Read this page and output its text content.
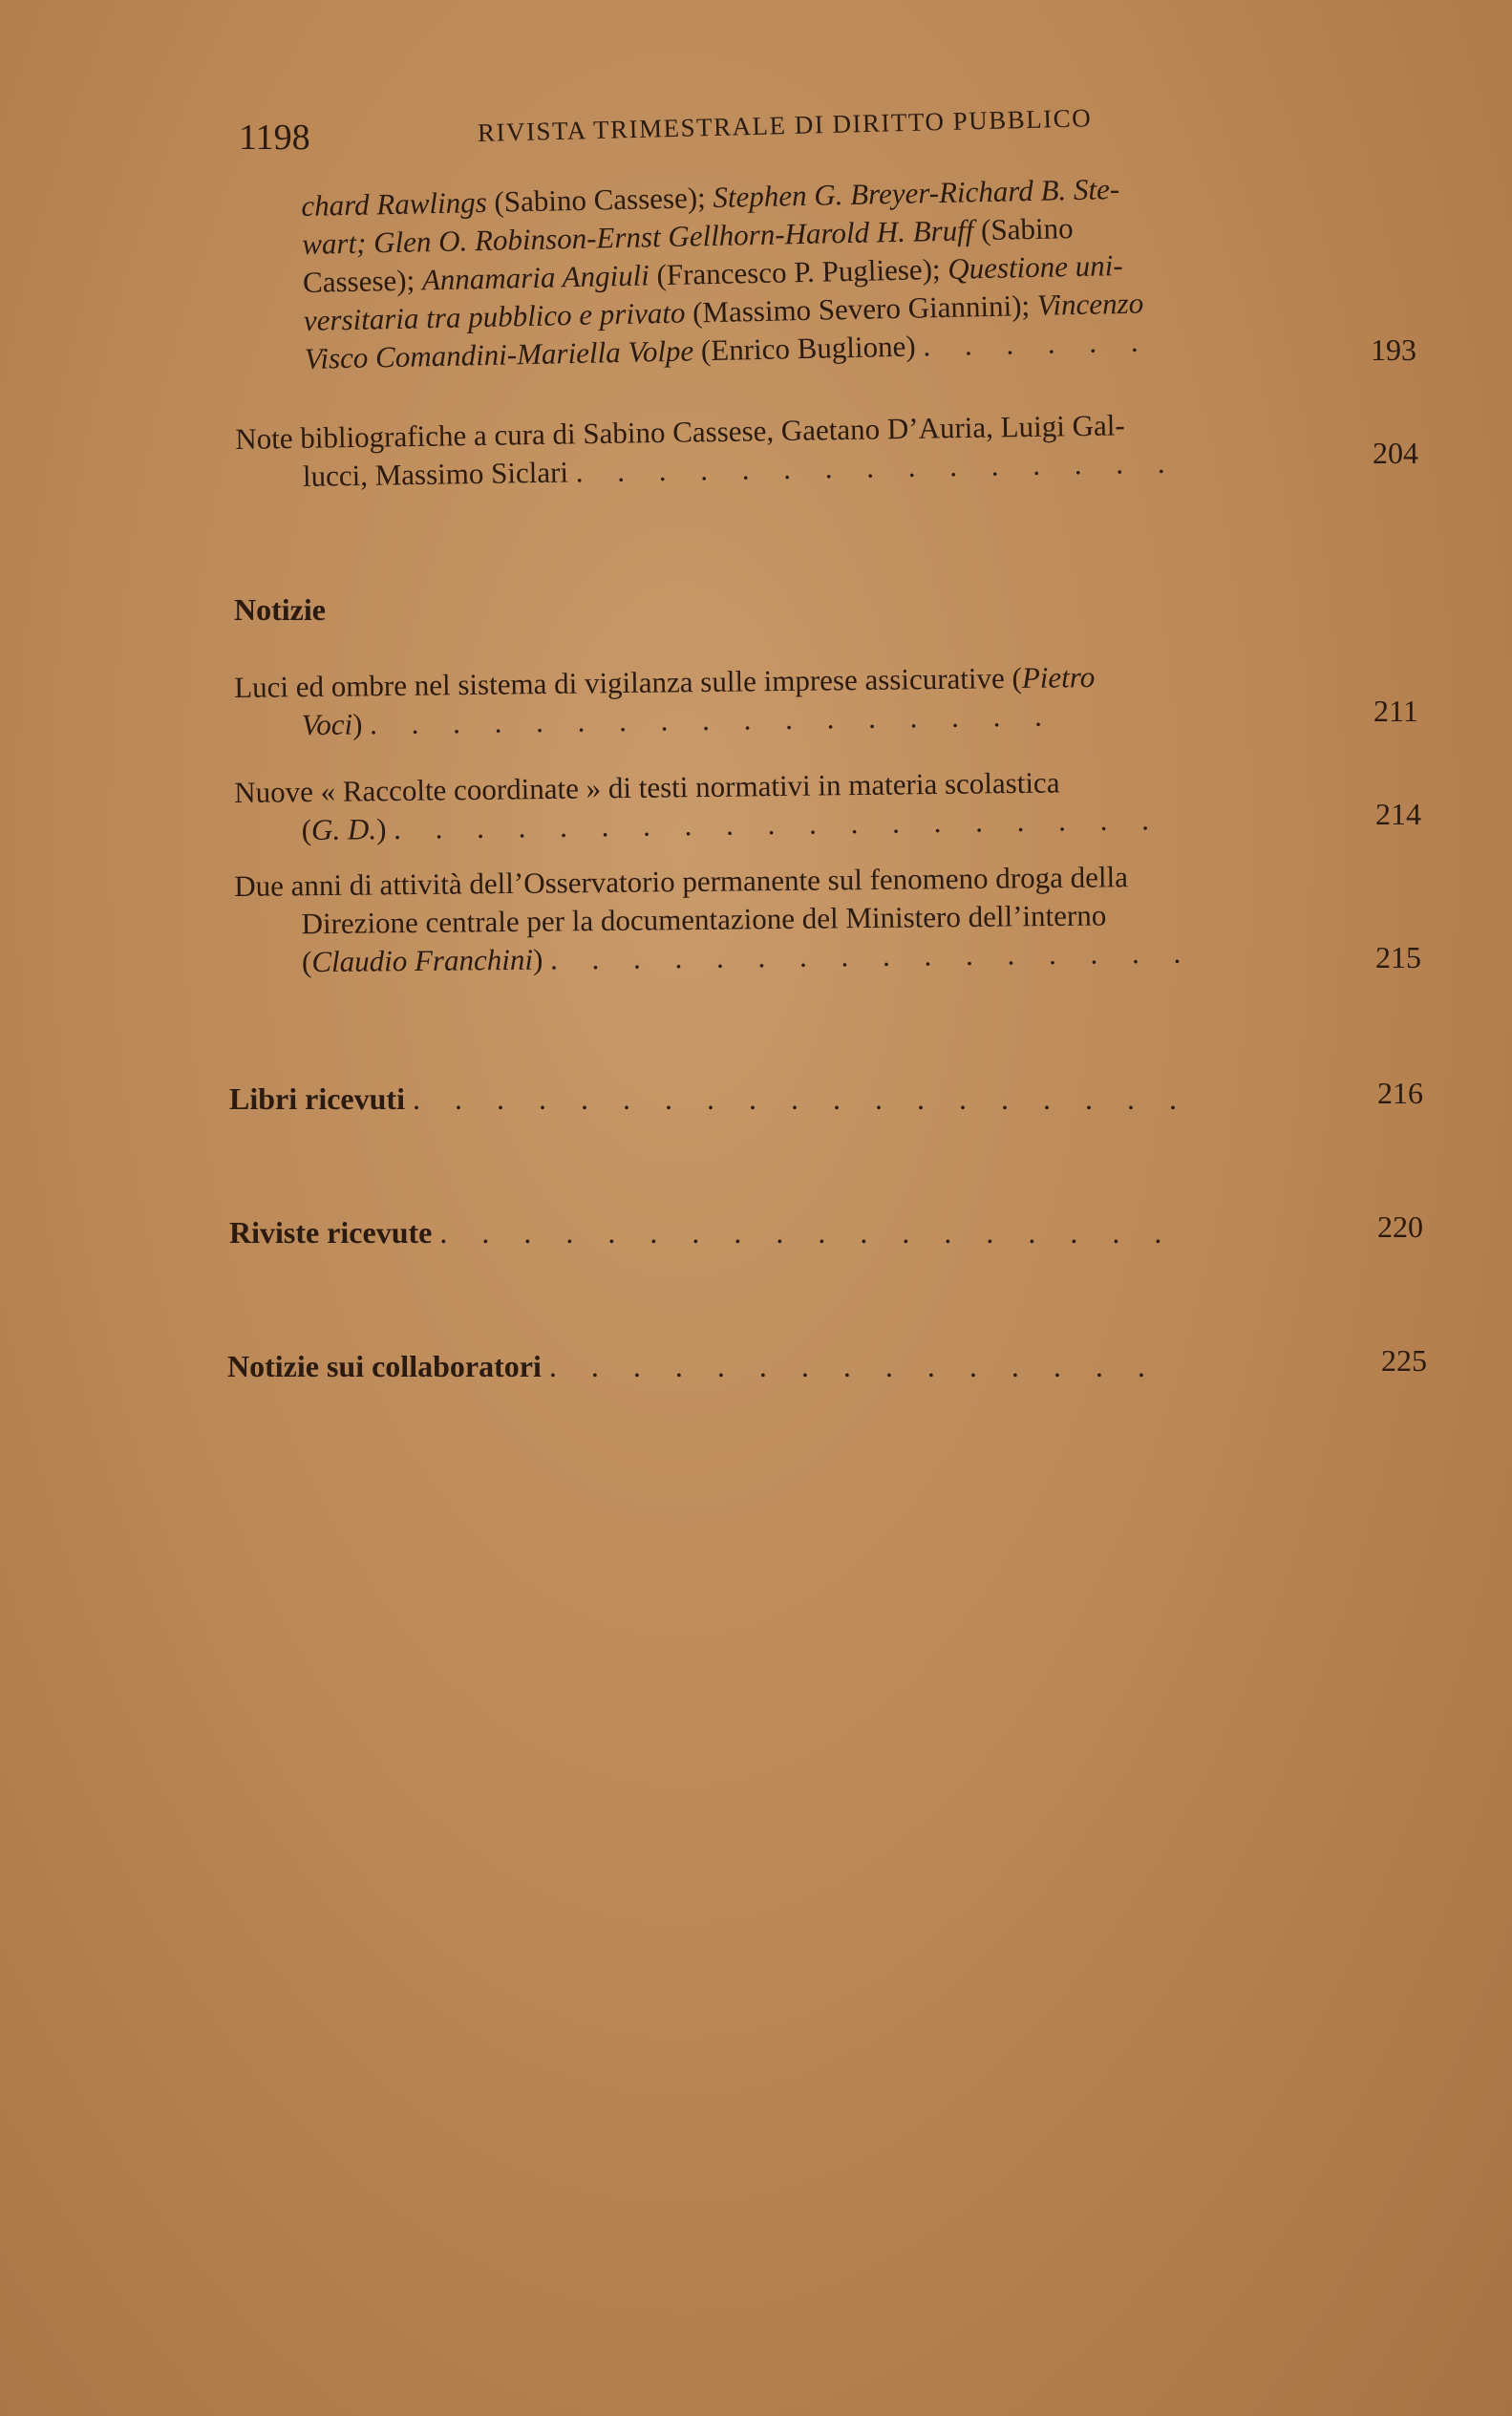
1198	RIVISTA TRIMESTRALE DI DIRITTO PUBBLICO
chard Rawlings (Sabino Cassese); Stephen G. Breyer-Richard B. Ste-
wart; Glen O. Robinson-Ernst Gellhorn-Harold H. Bruff (Sabino
Cassese); Annamaria Angiuli (Francesco P. Pugliese); Questione uni-
versitaria tra pubblico e privato (Massimo Severo Giannini); Vincenzo
Visco Comandini-Mariella Volpe (Enrico Buglione) . . . . . .	193
Note bibliografiche a cura di Sabino Cassese, Gaetano D’Auria, Luigi Gal-
lucci, Massimo Siclari . . . . . . . . . . . . . . .	204
Notizie
Luci ed ombre nel sistema di vigilanza sulle imprese assicurative (Pietro
Voci) . . . . . . . . . . . . . . . . .	211
Nuove « Raccolte coordinate » di testi normativi in materia scolastica
(G. D.) . . . . . . . . . . . . . . . . . . .	214
Due anni di attività dell’Osservatorio permanente sul fenomeno droga della
Direzione centrale per la documentazione del Ministero dell’interno
(Claudio Franchini) . . . . . . . . . . . . . . . .	215
Libri ricevuti . . . . . . . . . . . . . . . . . . .	216
Riviste ricevute . . . . . . . . . . . . . . . . . .	220
Notizie sui collaboratori . . . . . . . . . . . . . . .	225
